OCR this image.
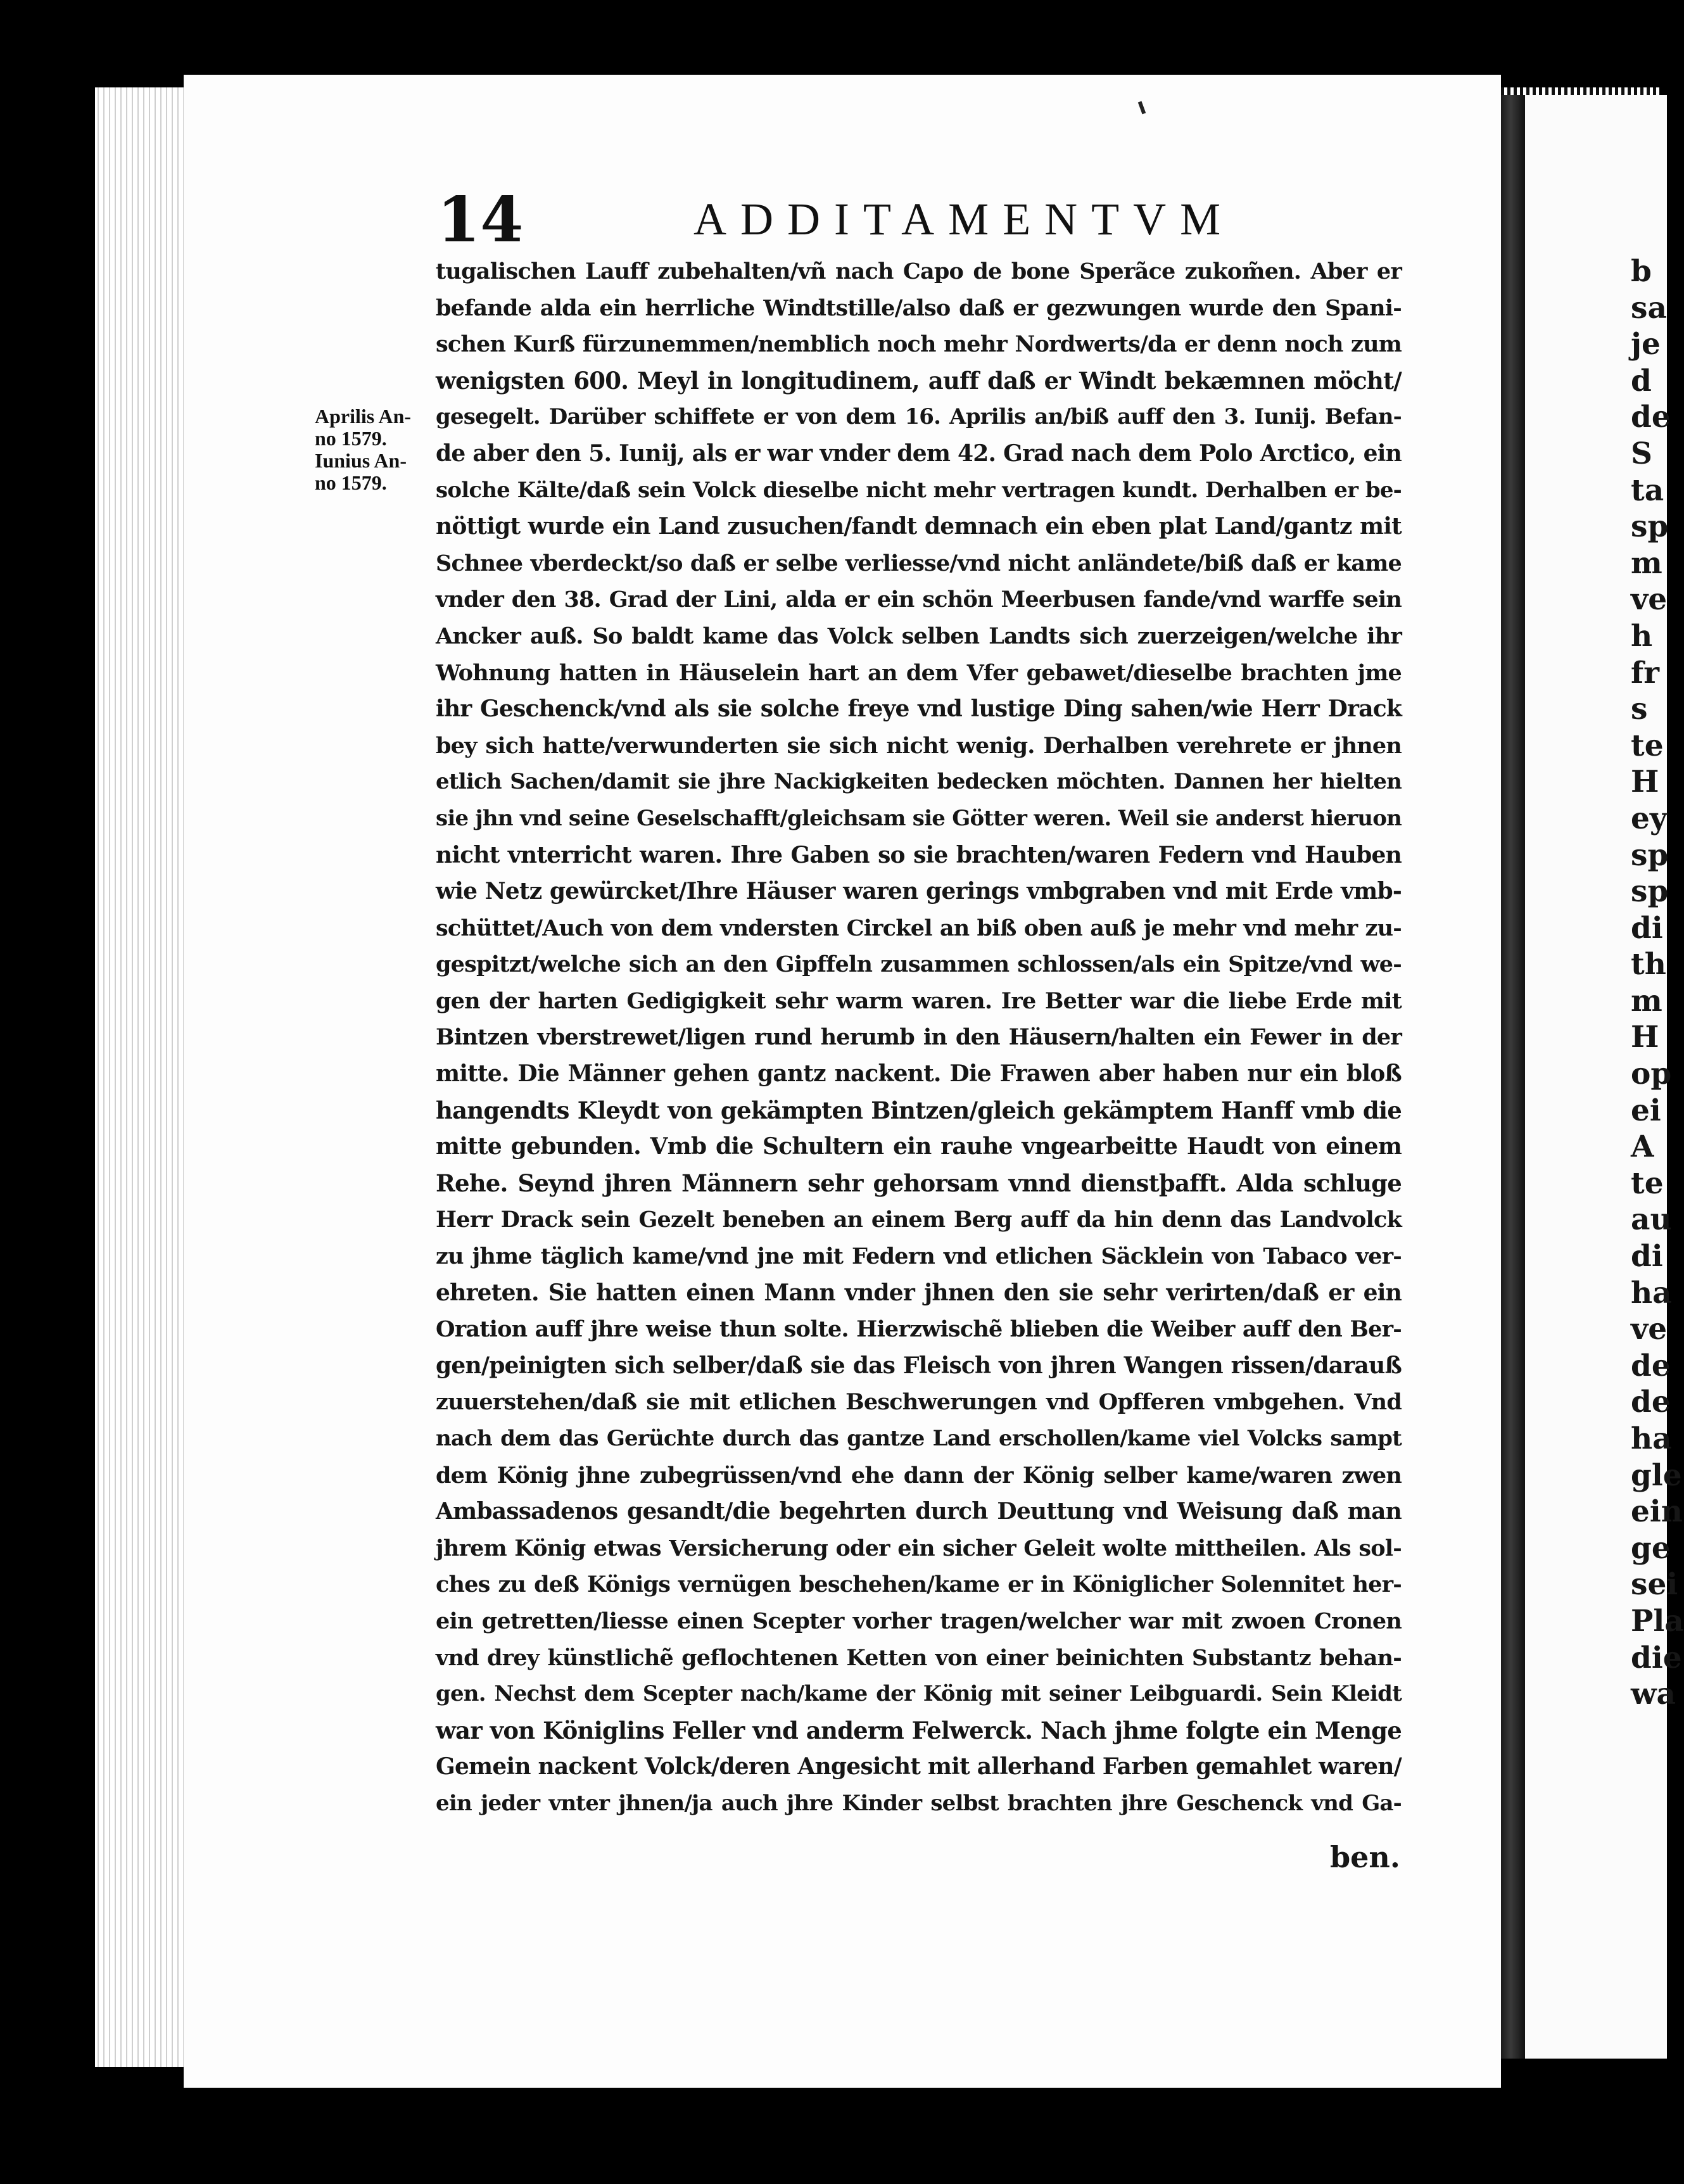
14	ADDITAMENTVM
Aprilis An-
no 1579.
Iunius An-
no 1579.
tugalischen Lauff zubehalten/vñ nach Capo de bone Sperãce zukom̃en. Aber er
befande alda ein herrliche Windtstille/also daß er gezwungen wurde den Spani-
schen Kurß fürzunemmen/nemblich noch mehr Nordwerts/da er denn noch zum
wenigsten 600. Meyl in longitudinem, auff daß er Windt bekæmnen möcht/
gesegelt. Darüber schiffete er von dem 16. Aprilis an/biß auff den 3. Iunij. Befan-
de aber den 5. Iunij, als er war vnder dem 42. Grad nach dem Polo Arctico, ein
solche Kälte/daß sein Volck dieselbe nicht mehr vertragen kundt. Derhalben er be-
nöttigt wurde ein Land zusuchen/fandt demnach ein eben plat Land/gantz mit
Schnee vberdeckt/so daß er selbe verliesse/vnd nicht anländete/biß daß er kame
vnder den 38. Grad der Lini, alda er ein schön Meerbusen fande/vnd warffe sein
Ancker auß. So baldt kame das Volck selben Landts sich zuerzeigen/welche ihr
Wohnung hatten in Häuselein hart an dem Vfer gebawet/dieselbe brachten jme
ihr Geschenck/vnd als sie solche freye vnd lustige Ding sahen/wie Herr Drack
bey sich hatte/verwunderten sie sich nicht wenig. Derhalben verehrete er jhnen
etlich Sachen/damit sie jhre Nackigkeiten bedecken möchten. Dannen her hielten
sie jhn vnd seine Geselschafft/gleichsam sie Götter weren. Weil sie anderst hieruon
nicht vnterricht waren. Ihre Gaben so sie brachten/waren Federn vnd Hauben
wie Netz gewürcket/Ihre Häuser waren gerings vmbgraben vnd mit Erde vmb-
schüttet/Auch von dem vndersten Circkel an biß oben auß je mehr vnd mehr zu-
gespitzt/welche sich an den Gipffeln zusammen schlossen/als ein Spitze/vnd we-
gen der harten Gedigigkeit sehr warm waren. Ire Better war die liebe Erde mit
Bintzen vberstrewet/ligen rund herumb in den Häusern/halten ein Fewer in der
mitte. Die Männer gehen gantz nackent. Die Frawen aber haben nur ein bloß
hangendts Kleydt von gekämpten Bintzen/gleich gekämptem Hanff vmb die
mitte gebunden. Vmb die Schultern ein rauhe vngearbeitte Haudt von einem
Rehe. Seynd jhren Männern sehr gehorsam vnnd dienstþafft. Alda schluge
Herr Drack sein Gezelt beneben an einem Berg auff da hin denn das Landvolck
zu jhme täglich kame/vnd jne mit Federn vnd etlichen Säcklein von Tabaco ver-
ehreten. Sie hatten einen Mann vnder jhnen den sie sehr verirten/daß er ein
Oration auff jhre weise thun solte. Hierzwischẽ blieben die Weiber auff den Ber-
gen/peinigten sich selber/daß sie das Fleisch von jhren Wangen rissen/darauß
zuuerstehen/daß sie mit etlichen Beschwerungen vnd Opfferen vmbgehen. Vnd
nach dem das Gerüchte durch das gantze Land erschollen/kame viel Volcks sampt
dem König jhne zubegrüssen/vnd ehe dann der König selber kame/waren zwen
Ambassadenos gesandt/die begehrten durch Deuttung vnd Weisung daß man
jhrem König etwas Versicherung oder ein sicher Geleit wolte mittheilen. Als sol-
ches zu deß Königs vernügen beschehen/kame er in Königlicher Solennitet her-
ein getretten/liesse einen Scepter vorher tragen/welcher war mit zwoen Cronen
vnd drey künstlichẽ geflochtenen Ketten von einer beinichten Substantz behan-
gen. Nechst dem Scepter nach/kame der König mit seiner Leibguardi. Sein Kleidt
war von Königlins Feller vnd anderm Felwerck. Nach jhme folgte ein Menge
Gemein nackent Volck/deren Angesicht mit allerhand Farben gemahlet waren/
ein jeder vnter jhnen/ja auch jhre Kinder selbst brachten jhre Geschenck vnd Ga-
ben.
b
sa
je
d
de
S
ta
sp
m
ve
h
fr
s
te
H
ey
sp
sp
di
th
m
H
op
ei
A
te
au
di
ha
ve
de
de
ha
gle
ein
ge
sei
Pla
die
wa
